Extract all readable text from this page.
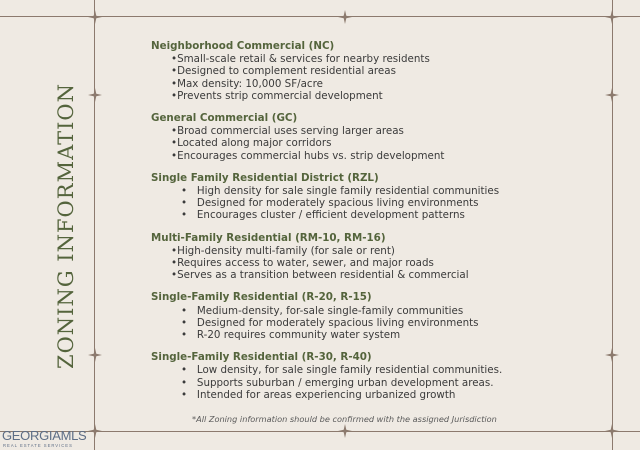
ZONING INFORMATION
Neighborhood Commercial (NC)
•Small-scale retail & services for nearby residents
•Designed to complement residential areas
•Max density: 10,000 SF/acre
•Prevents strip commercial development
General Commercial (GC)
•Broad commercial uses serving larger areas
•Located along major corridors
•Encourages commercial hubs vs. strip development
Single Family Residential District (RZL)
•   High density for sale single family residential communities
•   Designed for moderately spacious living environments
•   Encourages cluster / efficient development patterns
Multi-Family Residential (RM-10, RM-16)
•High-density multi-family (for sale or rent)
•Requires access to water, sewer, and major roads
•Serves as a transition between residential & commercial
Single-Family Residential (R-20, R-15)
•   Medium-density, for-sale single-family communities
•   Designed for moderately spacious living environments
•   R-20 requires community water system
Single-Family Residential (R-30, R-40)
•   Low density, for sale single family residential communities.
•   Supports suburban / emerging urban development areas.
•   Intended for areas experiencing urbanized growth
*All Zoning information should be confirmed with the assigned Jurisdiction
GEORGIAMLS
REAL ESTATE SERVICES
